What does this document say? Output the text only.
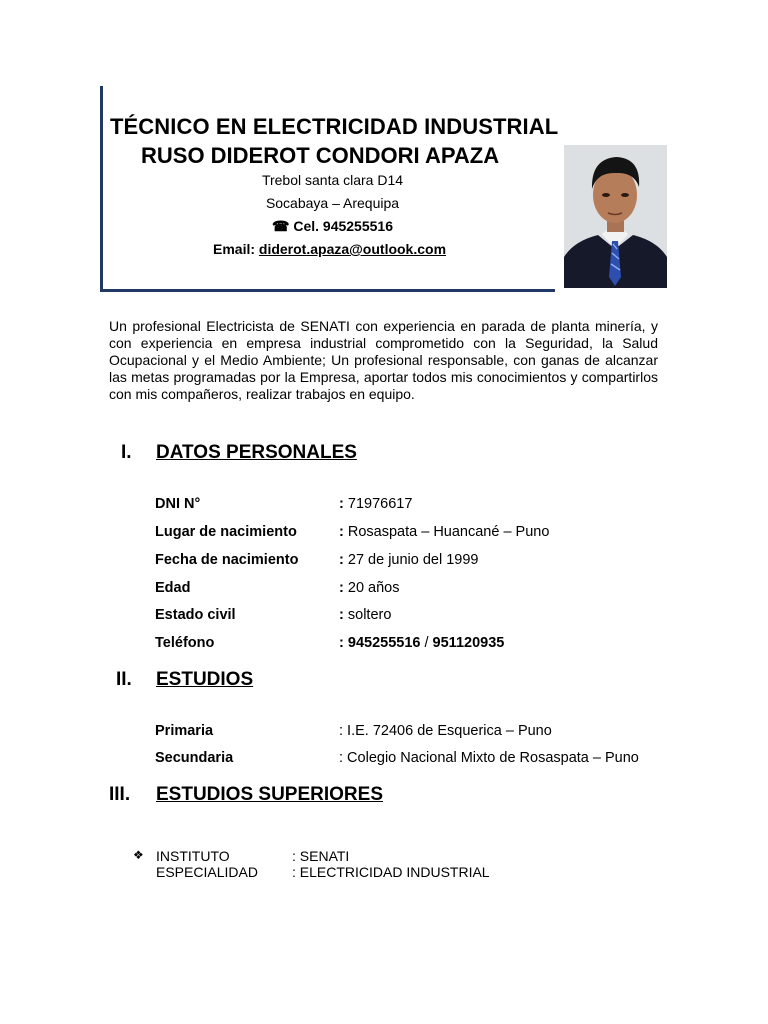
TÉCNICO EN ELECTRICIDAD INDUSTRIAL
RUSO DIDEROT CONDORI APAZA
Trebol santa clara D14
Socabaya – Arequipa
☎ Cel. 945255516
Email: diderot.apaza@outlook.com
Un profesional Electricista de SENATI con experiencia en parada de planta minería, y con experiencia en empresa industrial comprometido con la Seguridad, la Salud Ocupacional y el Medio Ambiente; Un profesional responsable, con ganas de alcanzar las metas programadas por la Empresa, aportar todos mis conocimientos y compartirlos con mis compañeros, realizar trabajos en equipo.
I. DATOS PERSONALES
DNI N°	: 71976617
Lugar de nacimiento	: Rosaspata – Huancané – Puno
Fecha de nacimiento	: 27 de junio del 1999
Edad	: 20 años
Estado civil	: soltero
Teléfono	: 945255516 / 951120935
II. ESTUDIOS
Primaria	: I.E. 72406 de Esquerica – Puno
Secundaria	: Colegio Nacional Mixto de Rosaspata – Puno
III. ESTUDIOS SUPERIORES
❖ INSTITUTO	: SENATI
ESPECIALIDAD : ELECTRICIDAD INDUSTRIAL
